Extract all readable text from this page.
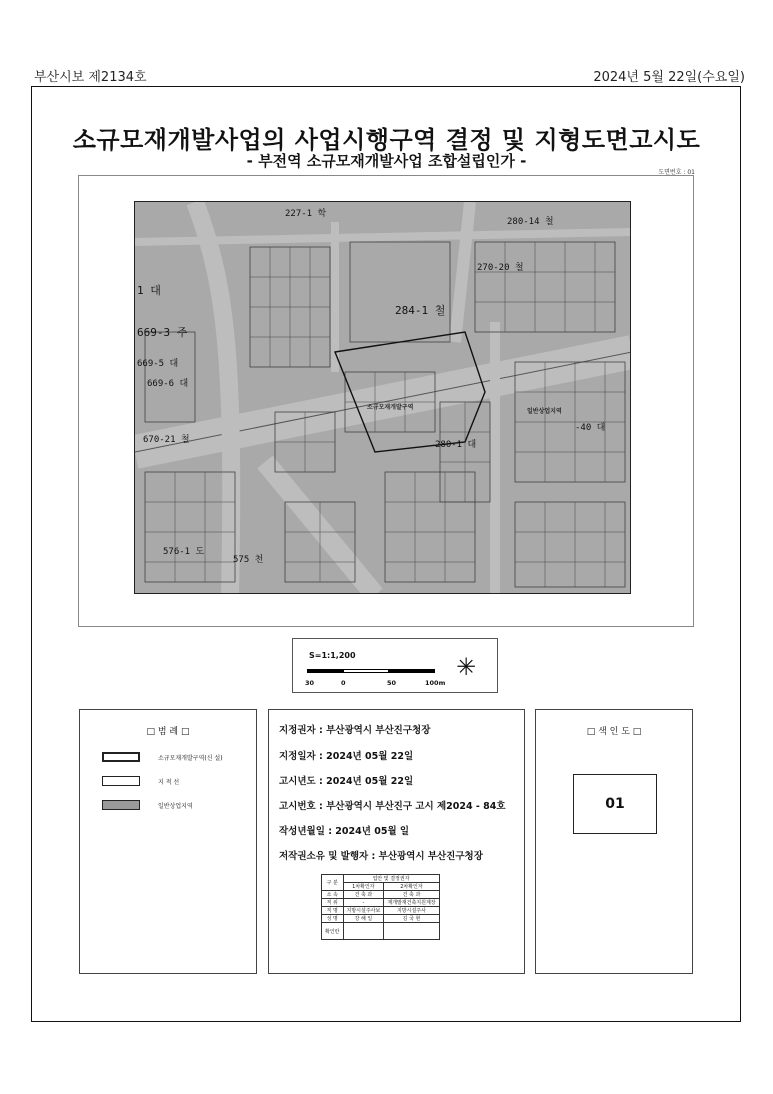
부산시보 제2134호	2024년 5월 22일(수요일)
소규모재개발사업의 사업시행구역 결정 및 지형도면고시도
- 부전역 소규모재개발사업 조합설립인가 -
도면번호 : 01
227-1 학
280-14 철
270-20 철
284-1 철
1 대
669-3 주
669-5 대
669-6 대
670-21 철	280-1 대
576-1 도
575 천
-40 대
일반상업지역
소규모재개발구역
S=1:1,200
30	0	50	100m
✳
□ 범 례 □
소규모재개발구역(신 설)
지 적 선
일반상업지역
지정권자 : 부산광역시 부산진구청장
지정일자 : 2024년 05월 22일
고시년도 : 2024년 05월 22일
고시번호 : 부산광역시 부산진구 고시 제2024 - 84호
작성년월일 : 2024년 05월 일
저작권소유 및 발행자 : 부산광역시 부산진구청장
구 분	업안 및 결정권자	
	1차확인자	2차확인자
소 속	건 축 과	건 축 과
직 위	-	재개발재건축지원계장
직 명	지방시설주사보	지방시설주사
성 명	강 해 일	김 국 현
확인란		
□ 색 인 도 □
01
